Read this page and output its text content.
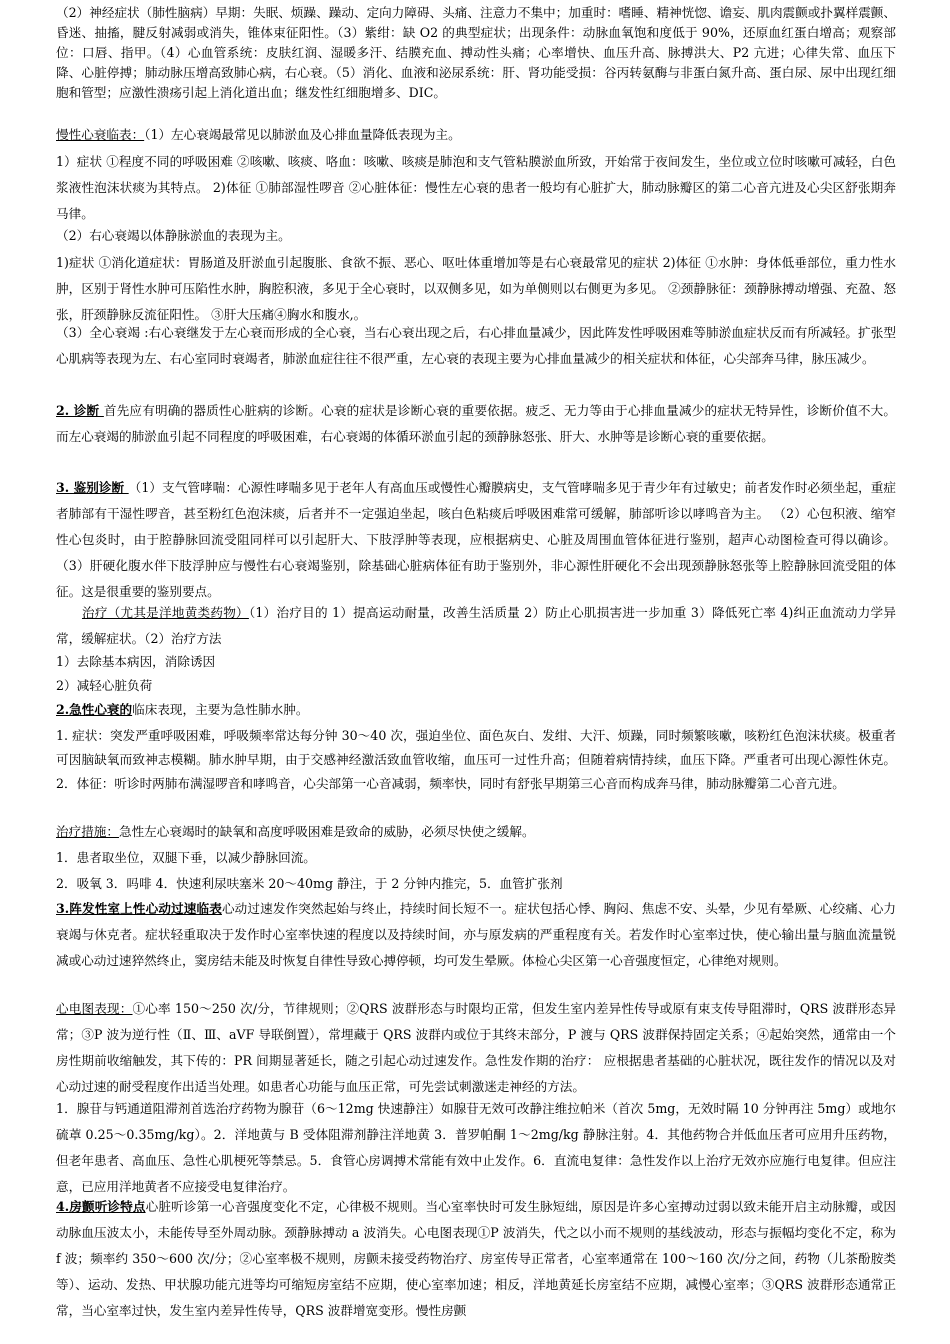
（2）神经症状（肺性脑病）早期：失眠、烦躁、躁动、定向力障碍、头痛、注意力不集中；加重时：嗜睡、精神恍惚、谵妄、肌肉震颤或扑翼样震颤、昏迷、抽搐，腱反射减弱或消失，锥体束征阳性。（3）紫绀：缺 O2 的典型症状；出现条件：动脉血氧饱和度低于 90%，还原血红蛋白增高；观察部位：口唇、指甲。（4）心血管系统：皮肤红润、湿暖多汗、结膜充血、搏动性头痛；心率增快、血压升高、脉搏洪大、P2 亢进；心律失常、血压下降、心脏停搏；肺动脉压增高致肺心病，右心衰。（5）消化、血液和泌尿系统：肝、肾功能受损：谷丙转氨酶与非蛋白氮升高、蛋白尿、尿中出现红细胞和管型；应激性溃疡引起上消化道出血；继发性红细胞增多、DIC。

慢性心衰临表：（1）左心衰竭最常见以肺淤血及心排血量降低表现为主。

1）症状 ①程度不同的呼吸困难 ②咳嗽、咳痰、咯血：咳嗽、咳痰是肺泡和支气管粘膜淤血所致，开始常于夜间发生，坐位或立位时咳嗽可减轻，白色浆液性泡沫状痰为其特点。 2)体征 ①肺部湿性啰音 ②心脏体征：慢性左心衰的患者一般均有心脏扩大，肺动脉瓣区的第二心音亢进及心尖区舒张期奔马律。

（2）右心衰竭以体静脉淤血的表现为主。

1)症状 ①消化道症状：胃肠道及肝淤血引起腹胀、食欲不振、恶心、呕吐体重增加等是右心衰最常见的症状 2)体征 ①水肿：身体低垂部位，重力性水肿，区别于肾性水肿可压陷性水肿，胸腔积液，多见于全心衰时，以双侧多见，如为单侧则以右侧更为多见。 ②颈静脉征：颈静脉搏动增强、充盈、怒张，肝颈静脉反流征阳性。 ③肝大压痛④胸水和腹水,。

（3）全心衰竭 :右心衰继发于左心衰而形成的全心衰，当右心衰出现之后，右心排血量减少，因此阵发性呼吸困难等肺淤血症状反而有所减轻。扩张型心肌病等表现为左、右心室同时衰竭者，肺淤血症往往不很严重，左心衰的表现主要为心排血量减少的相关症状和体征，心尖部奔马律，脉压减少。

2. 诊断 首先应有明确的器质性心脏病的诊断。心衰的症状是诊断心衰的重要依据。疲乏、无力等由于心排血量减少的症状无特异性，诊断价值不大。而左心衰竭的肺淤血引起不同程度的呼吸困难，右心衰竭的体循环淤血引起的颈静脉怒张、肝大、水肿等是诊断心衰的重要依据。

3. 鉴别诊断 （1）支气管哮喘：心源性哮喘多见于老年人有高血压或慢性心瓣膜病史，支气管哮喘多见于青少年有过敏史；前者发作时必须坐起，重症者肺部有干湿性啰音，甚至粉红色泡沫痰，后者并不一定强迫坐起，咳白色粘痰后呼吸困难常可缓解，肺部听诊以哮鸣音为主。 （2）心包积液、缩窄性心包炎时，由于腔静脉回流受阻同样可以引起肝大、下肢浮肿等表现，应根据病史、心脏及周围血管体征进行鉴别，超声心动图检查可得以确诊。 （3）肝硬化腹水伴下肢浮肿应与慢性右心衰竭鉴别，除基础心脏病体征有助于鉴别外，非心源性肝硬化不会出现颈静脉怒张等上腔静脉回流受阻的体征。这是很重要的鉴别要点。

治疗（尤其是洋地黄类药物）（1）治疗目的 1）提高运动耐量，改善生活质量 2）防止心肌损害进一步加重 3）降低死亡率 4)纠正血流动力学异常，缓解症状。（2）治疗方法

1）去除基本病因，消除诱因

2）减轻心脏负荷

2.急性心衰的临床表现，主要为急性肺水肿。

1. 症状：突发严重呼吸困难，呼吸频率常达每分钟 30～40 次，强迫坐位、面色灰白、发绀、大汗、烦躁，同时频繁咳嗽，咳粉红色泡沫状痰。极重者可因脑缺氧而致神志模糊。肺水肿早期，由于交感神经激活致血管收缩，血压可一过性升高；但随着病情持续，血压下降。严重者可出现心源性休克。 2．体征：听诊时两肺布满湿啰音和哮鸣音，心尖部第一心音减弱，频率快，同时有舒张早期第三心音而构成奔马律，肺动脉瓣第二心音亢进。

治疗措施：急性左心衰竭时的缺氧和高度呼吸困难是致命的威胁，必须尽快使之缓解。

1．患者取坐位，双腿下垂，以减少静脉回流。

2．吸氧 3．吗啡 4．快速利尿呋塞米 20～40mg 静注，于 2 分钟内推完，5．血管扩张剂

3.阵发性室上性心动过速临表心动过速发作突然起始与终止，持续时间长短不一。症状包括心悸、胸闷、焦虑不安、头晕，少见有晕厥、心绞痛、心力衰竭与休克者。症状轻重取决于发作时心室率快速的程度以及持续时间，亦与原发病的严重程度有关。若发作时心室率过快，使心输出量与脑血流量锐减或心动过速猝然终止，窦房结未能及时恢复自律性导致心搏停顿，均可发生晕厥。体检心尖区第一心音强度恒定，心律绝对规则。

心电图表现：①心率 150～250 次/分，节律规则；②QRS 波群形态与时限均正常，但发生室内差异性传导或原有束支传导阻滞时，QRS 波群形态异常；③P 波为逆行性（Ⅱ、Ⅲ、aVF 导联倒置），常埋藏于 QRS 波群内或位于其终末部分，P 渡与 QRS 波群保持固定关系；④起始突然，通常由一个房性期前收缩触发，其下传的：PR 间期显著延长，随之引起心动过速发作。急性发作期的治疗： 应根据患者基础的心脏状况，既往发作的情况以及对心动过速的耐受程度作出适当处理。如患者心功能与血压正常，可先尝试刺激迷走神经的方法。

1．腺苷与钙通道阻滞剂首选治疗药物为腺苷（6～12mg 快速静注）如腺苷无效可改静注维拉帕米（首次 5mg，无效时隔 10 分钟再注 5mg）或地尔硫䓬 0.25～0.35mg/kg）。2．洋地黄与 B 受体阻滞剂静注洋地黄 3．普罗帕酮 1～2mg/kg 静脉注射。4．其他药物合并低血压者可应用升压药物，但老年患者、高血压、急性心肌梗死等禁忌。5．食管心房调搏术常能有效中止发作。6．直流电复律：急性发作以上治疗无效亦应施行电复律。但应注意，已应用洋地黄者不应接受电复律治疗。

4.房颤听诊特点心脏听诊第一心音强度变化不定，心律极不规则。当心室率快时可发生脉短绌，原因是许多心室搏动过弱以致未能开启主动脉瓣，或因动脉血压波太小，未能传导至外周动脉。颈静脉搏动 a 波消失。心电图表现①P 波消失，代之以小而不规则的基线波动，形态与振幅均变化不定，称为 f 波；频率约 350～600 次/分；②心室率极不规则，房颤未接受药物治疗、房室传导正常者，心室率通常在 100～160 次/分之间，药物（儿茶酚胺类等）、运动、发热、甲状腺功能亢进等均可缩短房室结不应期，使心室率加速；相反，洋地黄延长房室结不应期，减慢心室率；③QRS 波群形态通常正常，当心室率过快，发生室内差异性传导，QRS 波群增宽变形。慢性房颤
